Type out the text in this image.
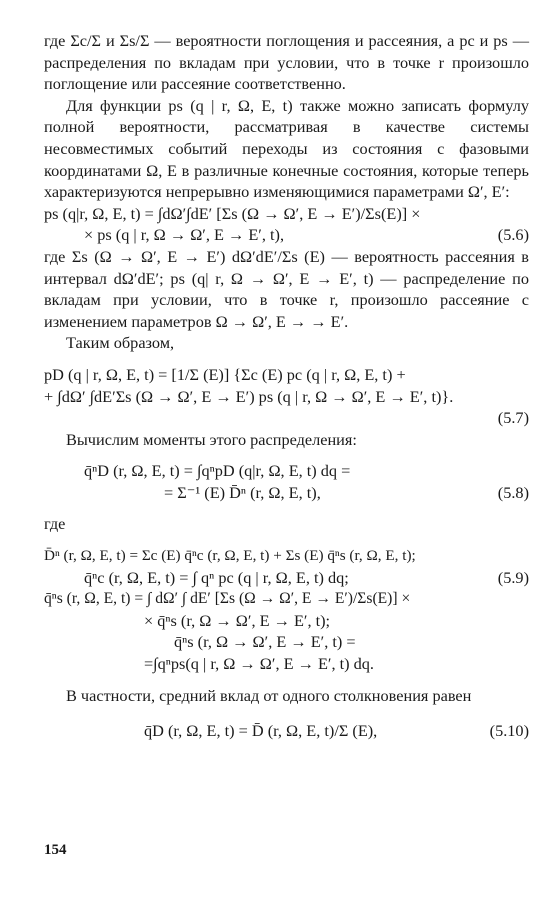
где Σc/Σ и Σs/Σ — вероятности поглощения и рассеяния, а pc и ps — распределения по вкладам при условии, что в точке r произошло поглощение или рассеяние соответственно.

Для функции ps (q | r, Ω, E, t) также можно записать формулу полной вероятности, рассматривая в качестве системы несовместимых событий переходы из состояния с фазовыми координатами Ω, E в различные конечные состояния, которые теперь характеризуются непрерывно изменяющимися параметрами Ω′, E′:

ps (q|r, Ω, E, t) = ∫dΩ′∫dE′ [Σs (Ω → Ω′, E → E′)/Σs(E)] ×
× ps (q | r, Ω → Ω′, E → E′, t),	(5.6)

где Σs (Ω → Ω′, E → E′) dΩ′dE′/Σs (E) — вероятность рассеяния в интервал dΩ′dE′; ps (q| r, Ω → Ω′, E → E′, t) — распределение по вкладам при условии, что в точке r, произошло рассеяние с изменением параметров Ω → Ω′, E → → E′.

Таким образом,

pD (q | r, Ω, E, t) = [1/Σ (E)] {Σc (E) pc (q | r, Ω, E, t) +
+ ∫dΩ′ ∫dE′Σs (Ω → Ω′, E → E′) ps (q | r, Ω → Ω′, E → E′, t)}.
(5.7)

Вычислим моменты этого распределения:

q̄ⁿD (r, Ω, E, t) = ∫qⁿpD (q|r, Ω, E, t) dq =
= Σ⁻¹ (E) D̄ⁿ (r, Ω, E, t),	(5.8)

где

D̄ⁿ (r, Ω, E, t) = Σc (E) q̄ⁿc (r, Ω, E, t) + Σs (E) q̄ⁿs (r, Ω, E, t);
q̄ⁿc (r, Ω, E, t) = ∫ qⁿ pc (q | r, Ω, E, t) dq;	(5.9)
q̄ⁿs (r, Ω, E, t) = ∫ dΩ′ ∫ dE′ [Σs (Ω → Ω′, E → E′)/Σs(E)] ×
× q̄ⁿs (r, Ω → Ω′, E → E′, t);
q̄ⁿs (r, Ω → Ω′, E → E′, t) =
=∫qⁿps(q | r, Ω → Ω′, E → E′, t) dq.

В частности, средний вклад от одного столкновения равен

q̄D (r, Ω, E, t) = D̄ (r, Ω, E, t)/Σ (E),	(5.10)
154
